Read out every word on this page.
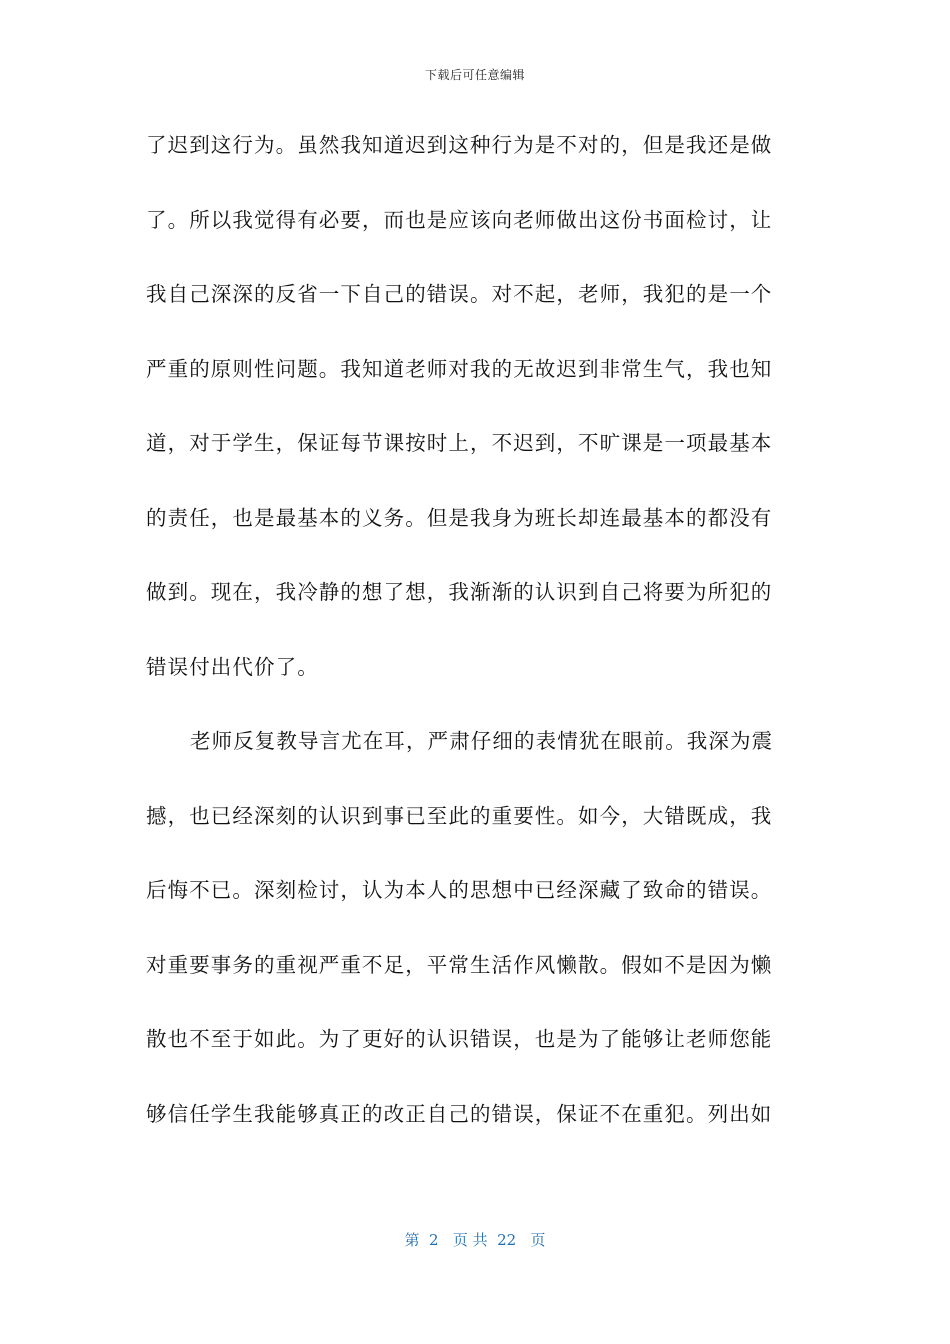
下载后可任意编辑
了迟到这行为。虽然我知道迟到这种行为是不对的，但是我还是做
了。所以我觉得有必要，而也是应该向老师做出这份书面检讨，让
我自己深深的反省一下自己的错误。对不起，老师，我犯的是一个
严重的原则性问题。我知道老师对我的无故迟到非常生气，我也知
道，对于学生，保证每节课按时上，不迟到，不旷课是一项最基本
的责任，也是最基本的义务。但是我身为班长却连最基本的都没有
做到。现在，我冷静的想了想，我渐渐的认识到自己将要为所犯的
错误付出代价了。
老师反复教导言尤在耳，严肃仔细的表情犹在眼前。我深为震
撼，也已经深刻的认识到事已至此的重要性。如今，大错既成，我
后悔不已。深刻检讨，认为本人的思想中已经深藏了致命的错误。
对重要事务的重视严重不足，平常生活作风懒散。假如不是因为懒
散也不至于如此。为了更好的认识错误，也是为了能够让老师您能
够信任学生我能够真正的改正自己的错误，保证不在重犯。列出如
第  2   页 共  22   页
